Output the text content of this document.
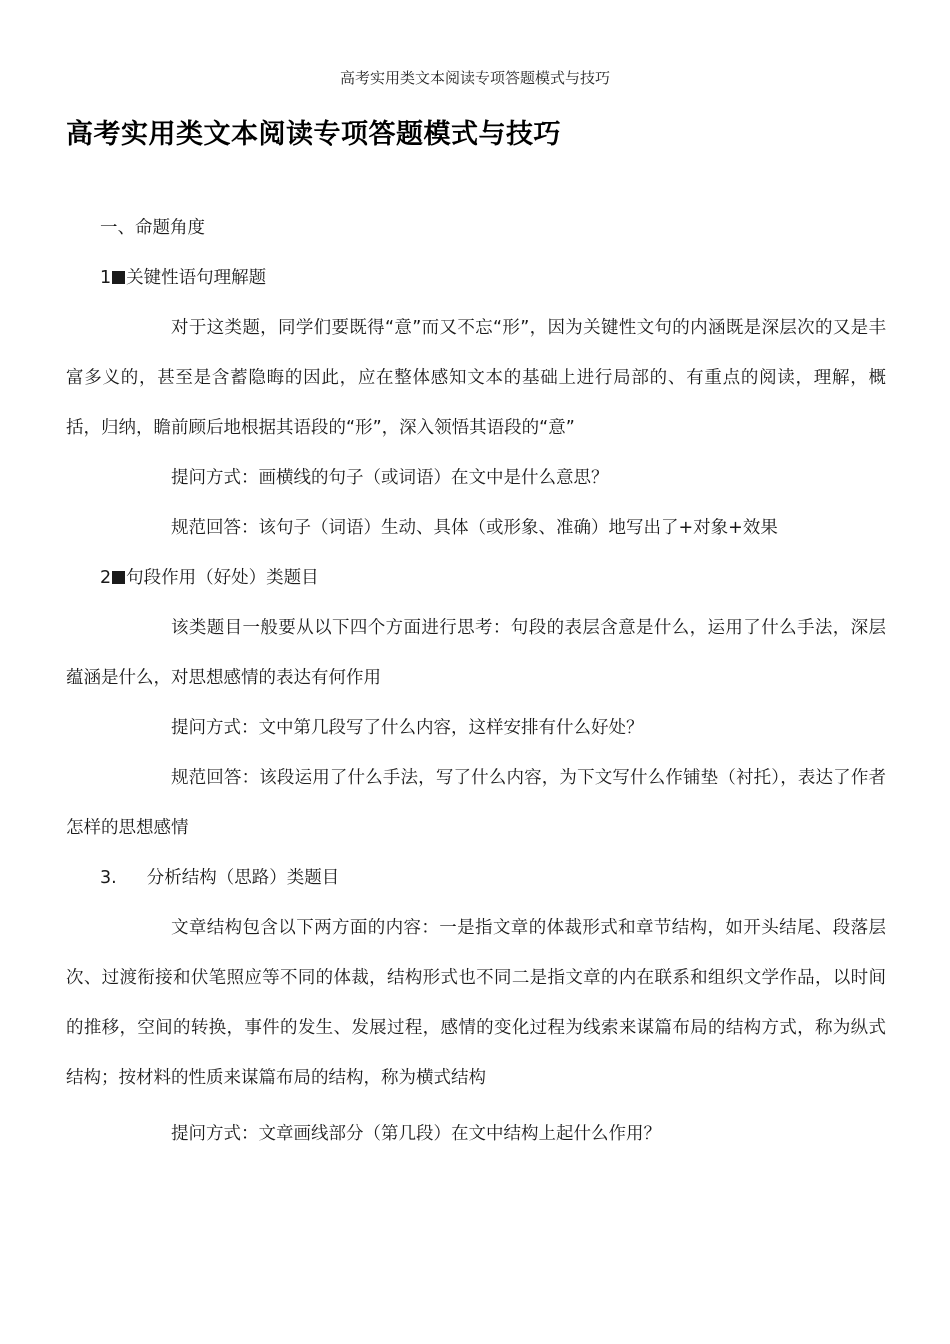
高考实用类文本阅读专项答题模式与技巧
高考实用类文本阅读专项答题模式与技巧

一、命题角度

1 关键性语句理解题

对于这类题，同学们要既得“意”而又不忘“形”，因为关键性文句的内涵既是深层次的又是丰富多义的，甚至是含蓄隐晦的因此，应在整体感知文本的基础上进行局部的、有重点的阅读，理解，概括，归纳，瞻前顾后地根据其语段的“形”，深入领悟其语段的“意”

提问方式：画横线的句子（或词语）在文中是什么意思？

规范回答：该句子（词语）生动、具体（或形象、准确）地写出了+对象+效果

2 句段作用（好处）类题目

该类题目一般要从以下四个方面进行思考：句段的表层含意是什么，运用了什么手法，深层蕴涵是什么，对思想感情的表达有何作用

提问方式：文中第几段写了什么内容，这样安排有什么好处？

规范回答：该段运用了什么手法，写了什么内容，为下文写什么作铺垫（衬托），表达了作者怎样的思想感情

3. 分析结构（思路）类题目

文章结构包含以下两方面的内容：一是指文章的体裁形式和章节结构，如开头结尾、段落层次、过渡衔接和伏笔照应等不同的体裁，结构形式也不同二是指文章的内在联系和组织文学作品，以时间的推移，空间的转换，事件的发生、发展过程，感情的变化过程为线索来谋篇布局的结构方式，称为纵式结构；按材料的性质来谋篇布局的结构，称为横式结构

提问方式：文章画线部分（第几段）在文中结构上起什么作用？
